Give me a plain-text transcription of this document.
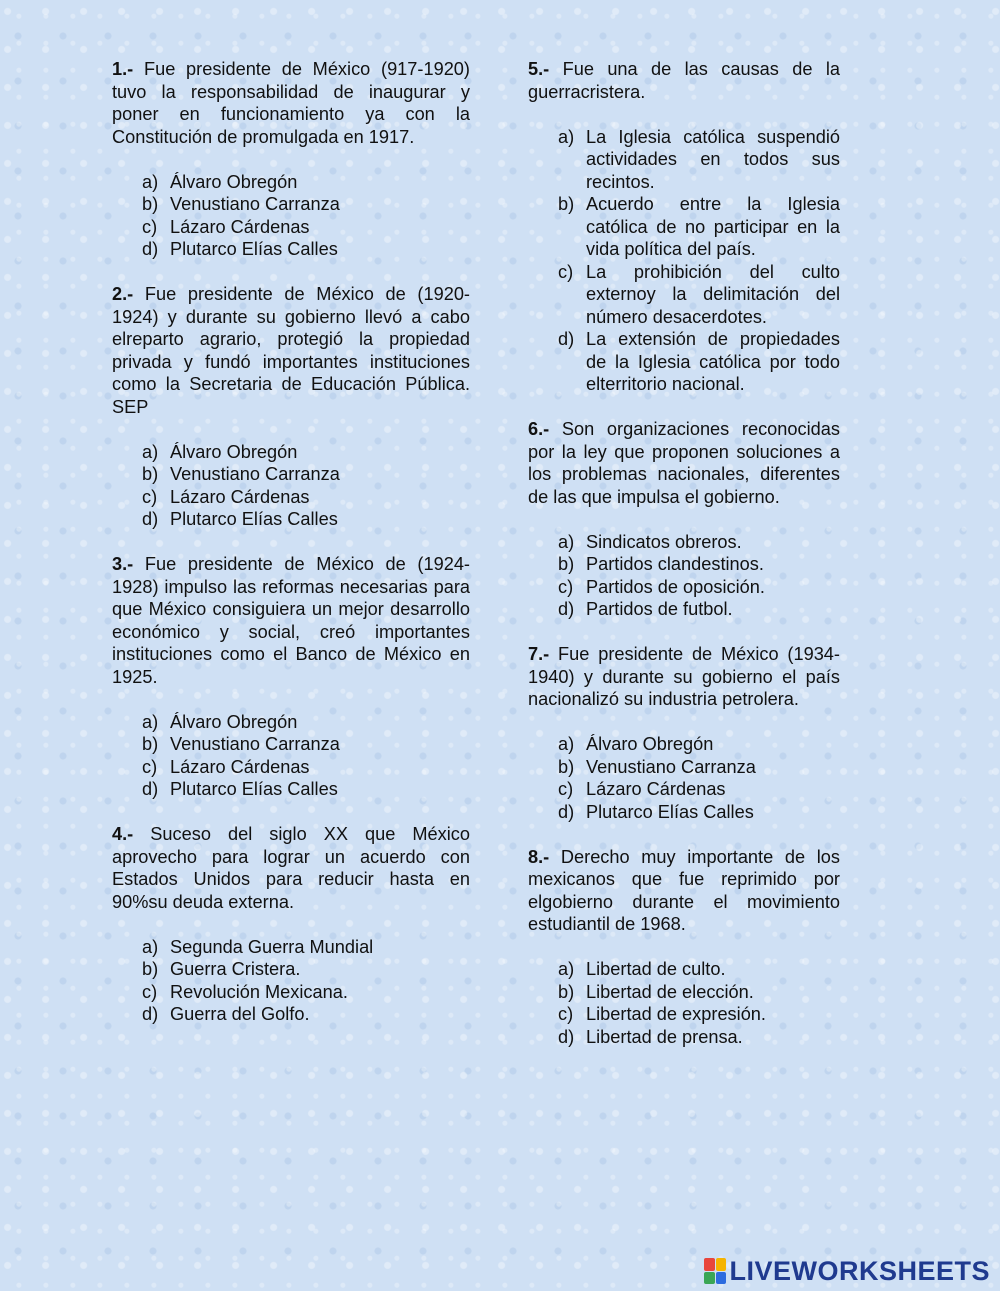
1.- Fue presidente de México (917-1920) tuvo la responsabilidad de inaugurar y poner en funcionamiento ya con la Constitución de promulgada en 1917.
a) Álvaro Obregón
b) Venustiano Carranza
c) Lázaro Cárdenas
d) Plutarco Elías Calles
2.- Fue presidente de México de (1920-1924) y durante su gobierno llevó a cabo elreparto agrario, protegió la propiedad privada y fundó importantes instituciones como la Secretaria de Educación Pública. SEP
a) Álvaro Obregón
b) Venustiano Carranza
c) Lázaro Cárdenas
d) Plutarco Elías Calles
3.- Fue presidente de México de (1924-1928) impulso las reformas necesarias para que México consiguiera un mejor desarrollo económico y social, creó importantes instituciones como el Banco de México en 1925.
a) Álvaro Obregón
b) Venustiano Carranza
c) Lázaro Cárdenas
d) Plutarco Elías Calles
4.- Suceso del siglo XX que México aprovecho para lograr un acuerdo con Estados Unidos para reducir hasta en 90%su deuda externa.
a) Segunda Guerra Mundial
b) Guerra Cristera.
c) Revolución Mexicana.
d) Guerra del Golfo.
5.- Fue una de las causas de la guerracristera.
a) La Iglesia católica suspendió actividades en todos sus recintos.
b) Acuerdo entre la Iglesia católica de no participar en la vida política del país.
c) La prohibición del culto externoy la delimitación del número desacerdotes.
d) La extensión de propiedades de la Iglesia católica por todo elterritorio nacional.
6.- Son organizaciones reconocidas por la ley que proponen soluciones a los problemas nacionales, diferentes de las que impulsa el gobierno.
a) Sindicatos obreros.
b) Partidos clandestinos.
c) Partidos de oposición.
d) Partidos de futbol.
7.- Fue presidente de México (1934-1940) y durante su gobierno el país nacionalizó su industria petrolera.
a) Álvaro Obregón
b) Venustiano Carranza
c) Lázaro Cárdenas
d) Plutarco Elías Calles
8.- Derecho muy importante de los mexicanos que fue reprimido por elgobierno durante el movimiento estudiantil de 1968.
a) Libertad de culto.
b) Libertad de elección.
c) Libertad de expresión.
d) Libertad de prensa.
LIVEWORKSHEETS
